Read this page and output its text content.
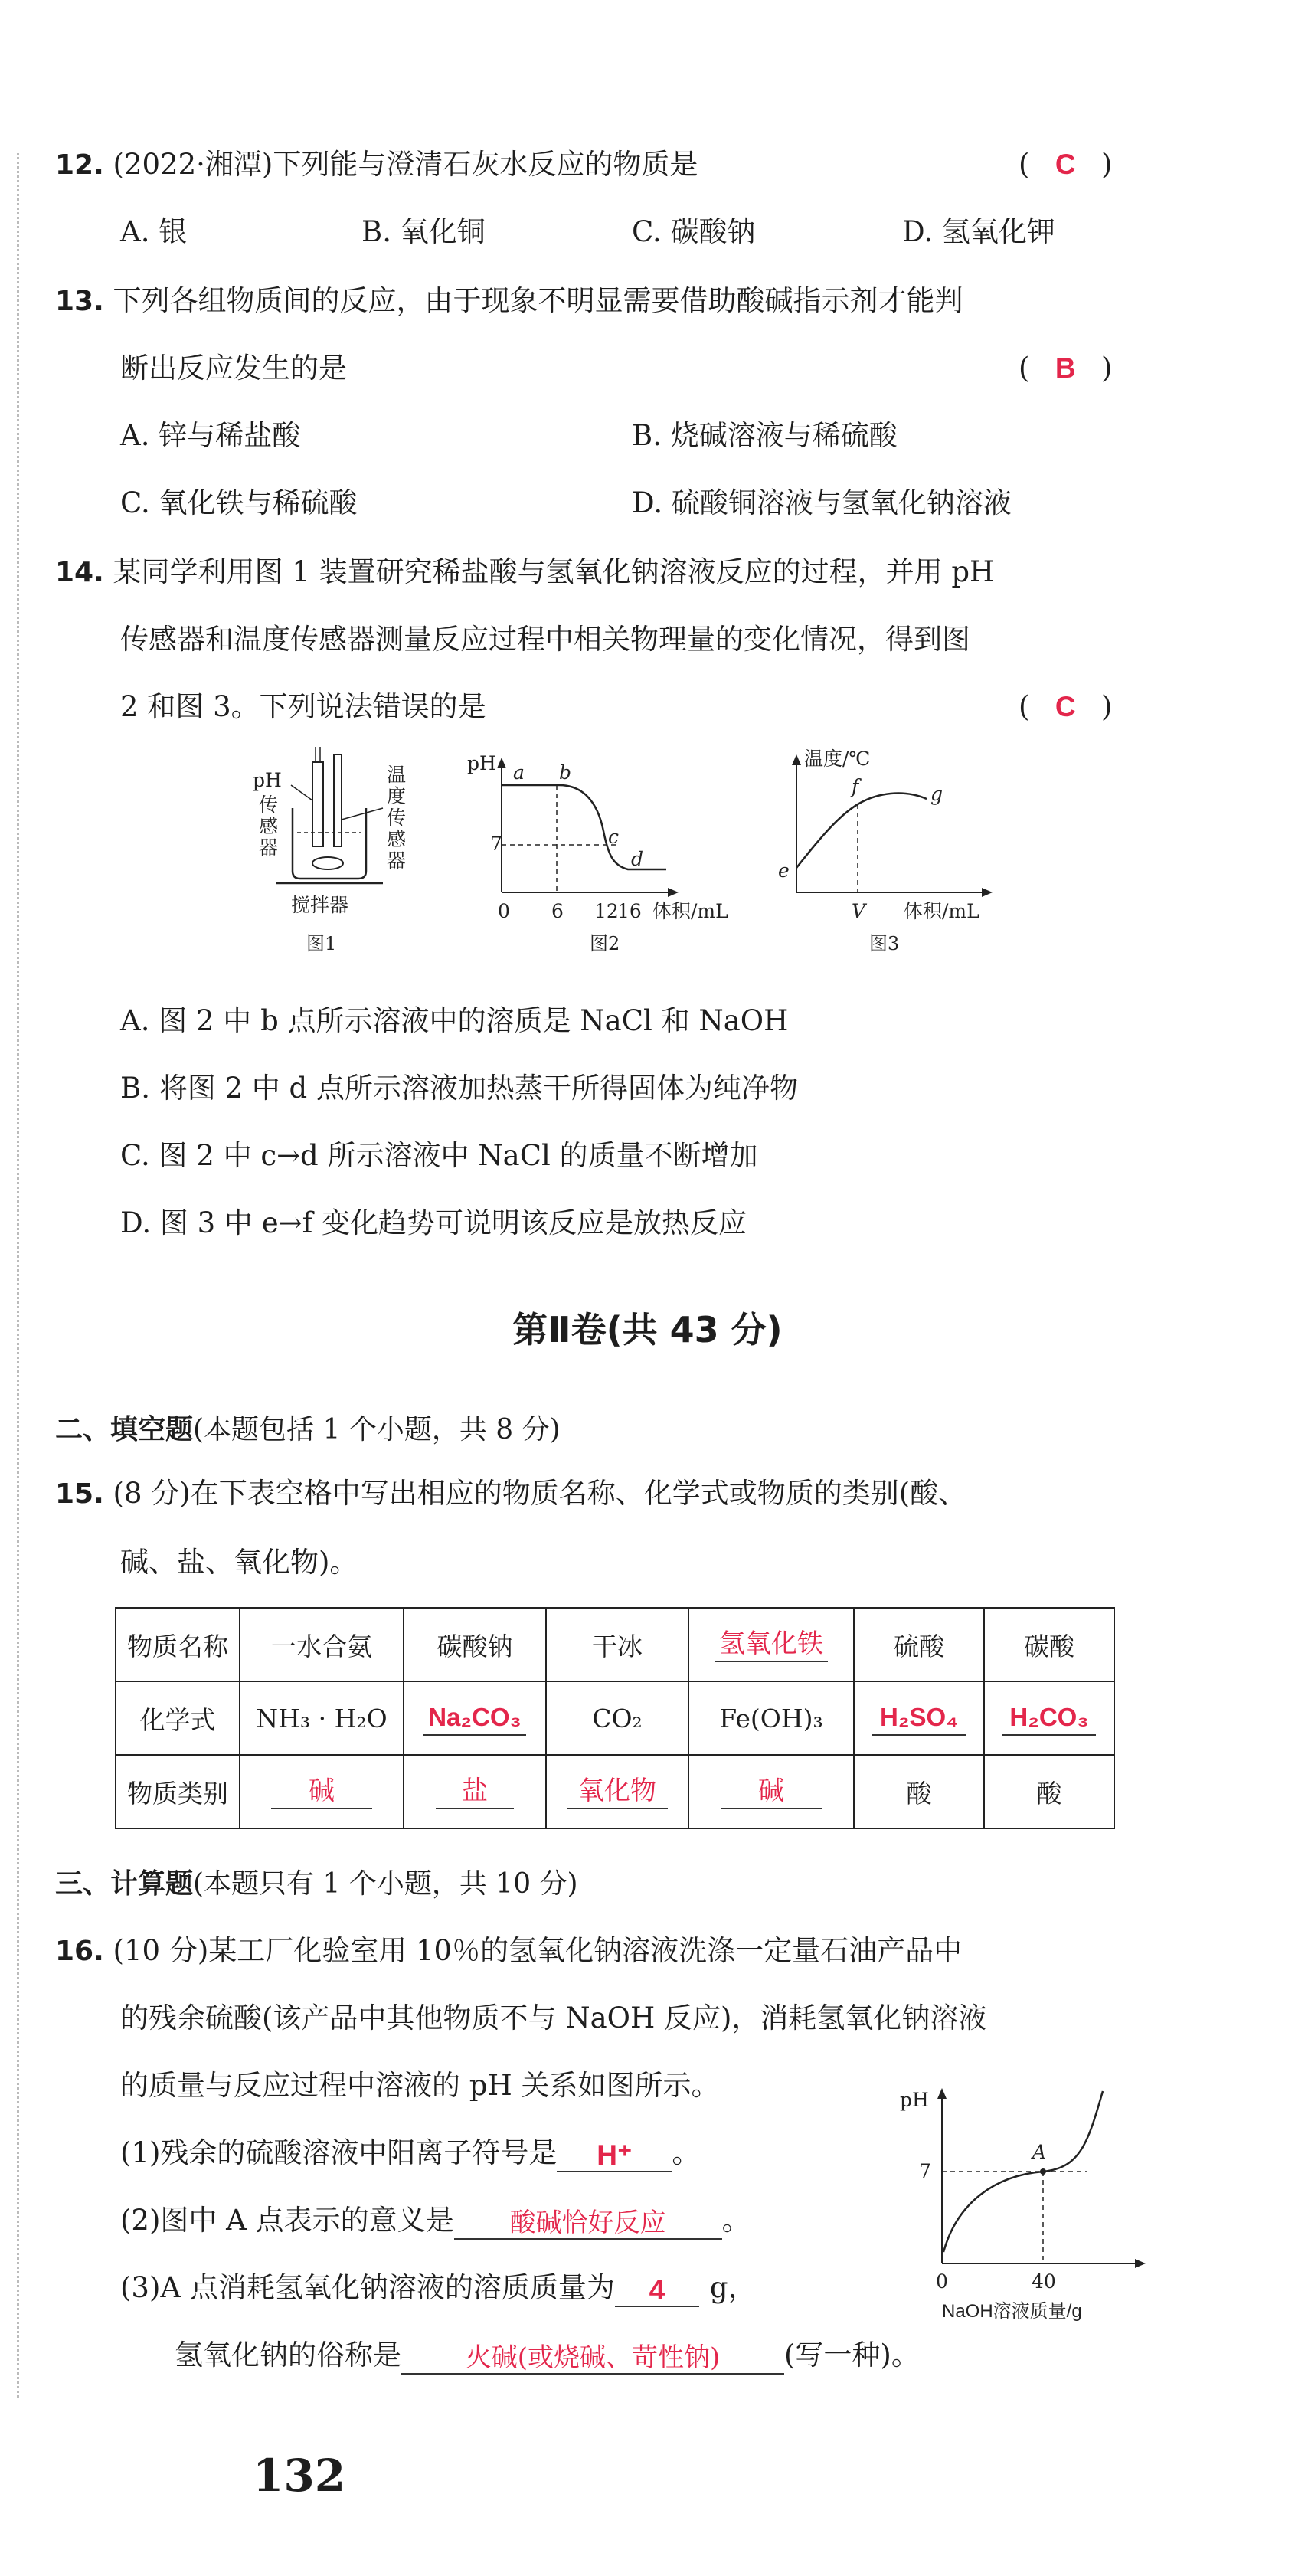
12. (2022·湘潭)下列能与澄清石灰水反应的物质是	( C )
A. 银	B. 氧化铜	C. 碳酸钠	D. 氢氧化钾
13. 下列各组物质间的反应，由于现象不明显需要借助酸碱指示剂才能判
断出反应发生的是	( B )
A. 锌与稀盐酸	B. 烧碱溶液与稀硫酸
C. 氧化铁与稀硫酸	D. 硫酸铜溶液与氢氧化钠溶液
14. 某同学利用图 1 装置研究稀盐酸与氢氧化钠溶液反应的过程，并用 pH
传感器和温度传感器测量反应过程中相关物理量的变化情况，得到图
2 和图 3。下列说法错误的是	( C )
pH
传
感
器
温
度
传
感
器
搅拌器
图1
pH
7
a b
c
d
0 6 12
16 体积/mL
图2
温度/℃
e
f	g
V 体积/mL
图3
A. 图 2 中 b 点所示溶液中的溶质是 NaCl 和 NaOH
B. 将图 2 中 d 点所示溶液加热蒸干所得固体为纯净物
C. 图 2 中 c→d 所示溶液中 NaCl 的质量不断增加
D. 图 3 中 e→f 变化趋势可说明该反应是放热反应
第Ⅱ卷(共 43 分)
二、填空题(本题包括 1 个小题，共 8 分)
15. (8 分)在下表空格中写出相应的物质名称、化学式或物质的类别(酸、
碱、盐、氧化物)。
物质名称	一水合氨	碳酸钠	干冰	氢氧化铁	硫酸	碳酸
化学式	NH₃ · H₂O	Na₂CO₃	CO₂	Fe(OH)₃	H₂SO₄	H₂CO₃
物质类别	碱	盐	氧化物	碱	酸	酸
三、计算题(本题只有 1 个小题，共 10 分)
16. (10 分)某工厂化验室用 10％的氢氧化钠溶液洗涤一定量石油产品中
的残余硫酸(该产品中其他物质不与 NaOH 反应)，消耗氢氧化钠溶液
的质量与反应过程中溶液的 pH 关系如图所示。
(1)残余的硫酸溶液中阳离子符号是 H⁺ 。
(2)图中 A 点表示的意义是 酸碱恰好反应 。
(3)A 点消耗氢氧化钠溶液的溶质质量为 4 g，
氢氧化钠的俗称是 火碱(或烧碱、苛性钠) (写一种)。
pH
7
A
0	40
NaOH溶液质量/g
132
